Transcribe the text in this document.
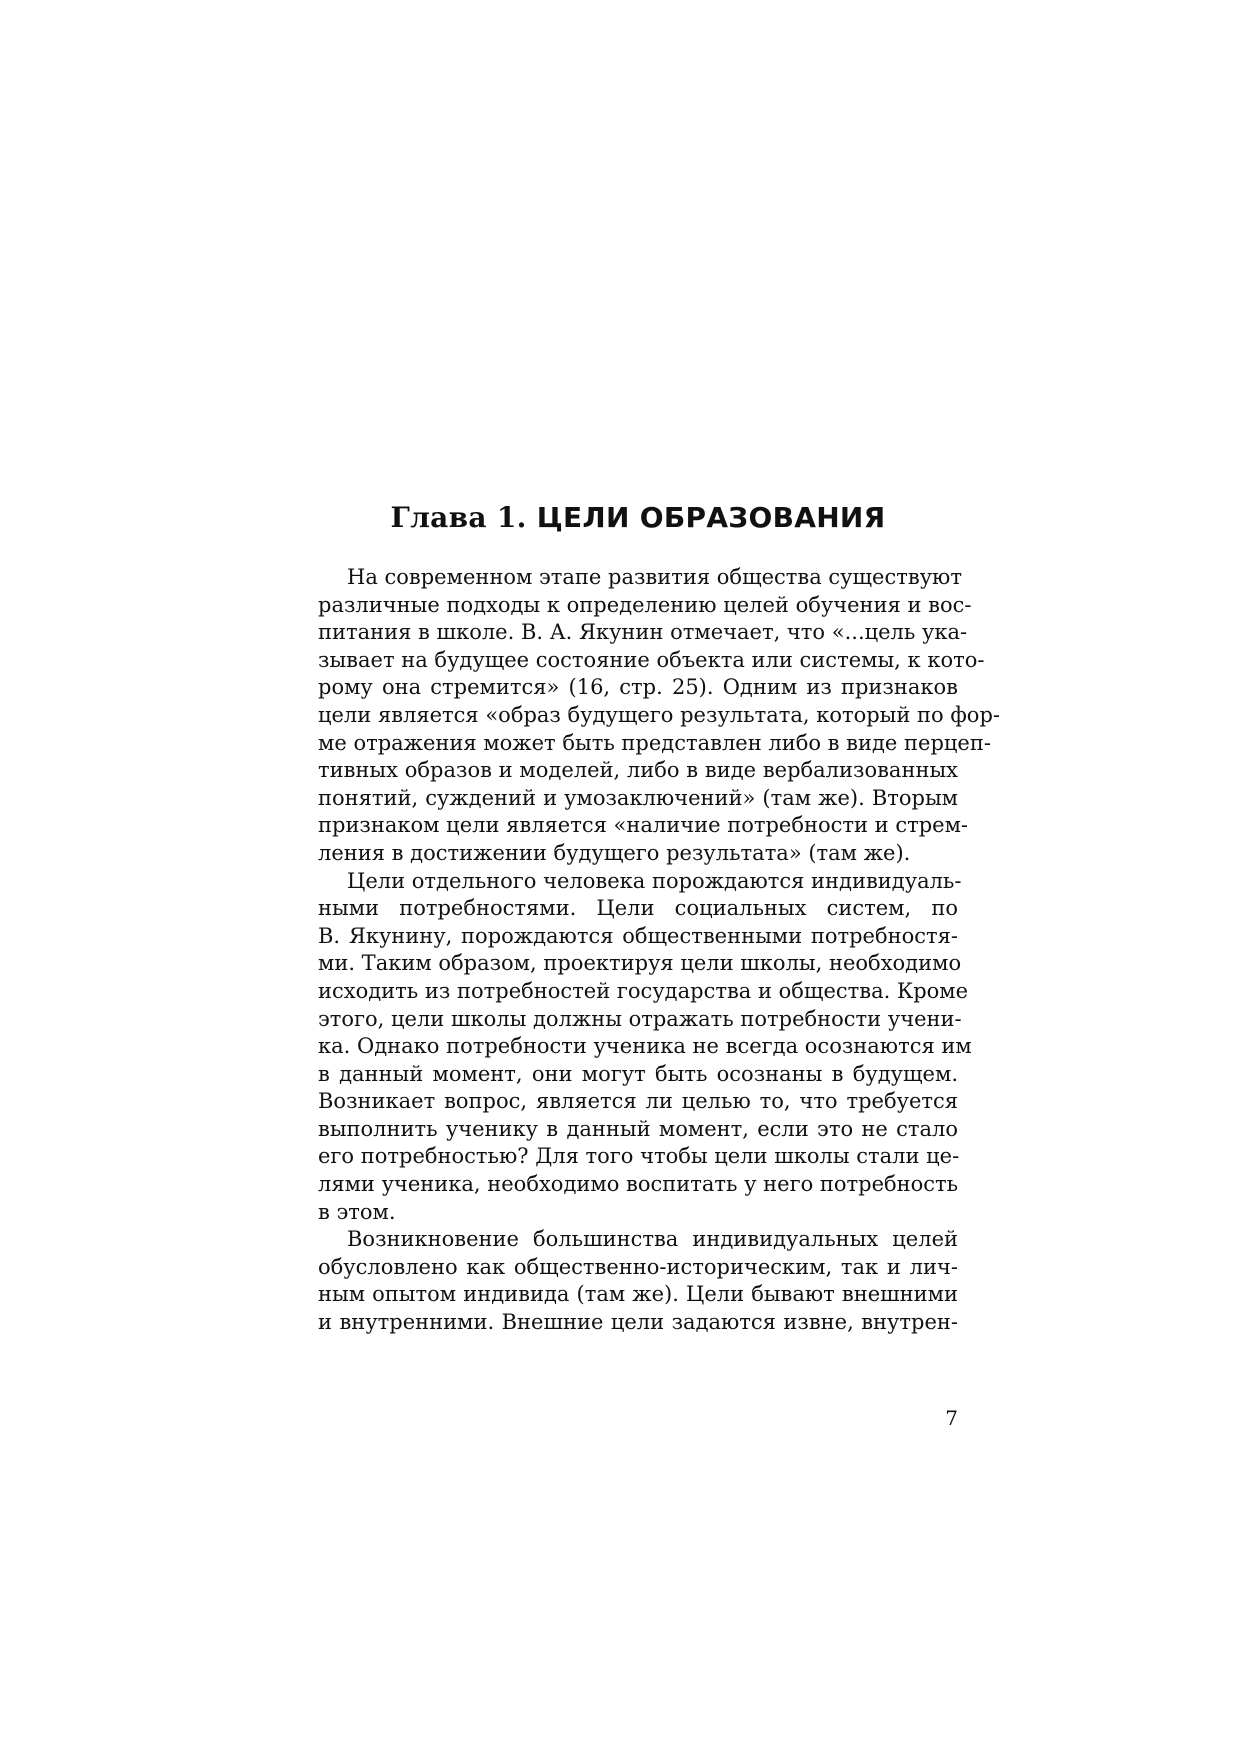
Глава 1. ЦЕЛИ ОБРАЗОВАНИЯ

На современном этапе развития общества существуют
различные подходы к определению целей обучения и вос-
питания в школе. В. А. Якунин отмечает, что «...цель ука-
зывает на будущее состояние объекта или системы, к кото-
рому она стремится» (16, стр. 25). Одним из признаков
цели является «образ будущего результата, который по фор-
ме отражения может быть представлен либо в виде перцеп-
тивных образов и моделей, либо в виде вербализованных
понятий, суждений и умозаключений» (там же). Вторым
признаком цели является «наличие потребности и стрем-
ления в достижении будущего результата» (там же).

Цели отдельного человека порождаются индивидуаль-
ными потребностями. Цели социальных систем, по
В. Якунину, порождаются общественными потребностя-
ми. Таким образом, проектируя цели школы, необходимо
исходить из потребностей государства и общества. Кроме
этого, цели школы должны отражать потребности учени-
ка. Однако потребности ученика не всегда осознаются им
в данный момент, они могут быть осознаны в будущем.
Возникает вопрос, является ли целью то, что требуется
выполнить ученику в данный момент, если это не стало
его потребностью? Для того чтобы цели школы стали це-
лями ученика, необходимо воспитать у него потребность
в этом.

Возникновение большинства индивидуальных целей
обусловлено как общественно-историческим, так и лич-
ным опытом индивида (там же). Цели бывают внешними
и внутренними. Внешние цели задаются извне, внутрен-

7
